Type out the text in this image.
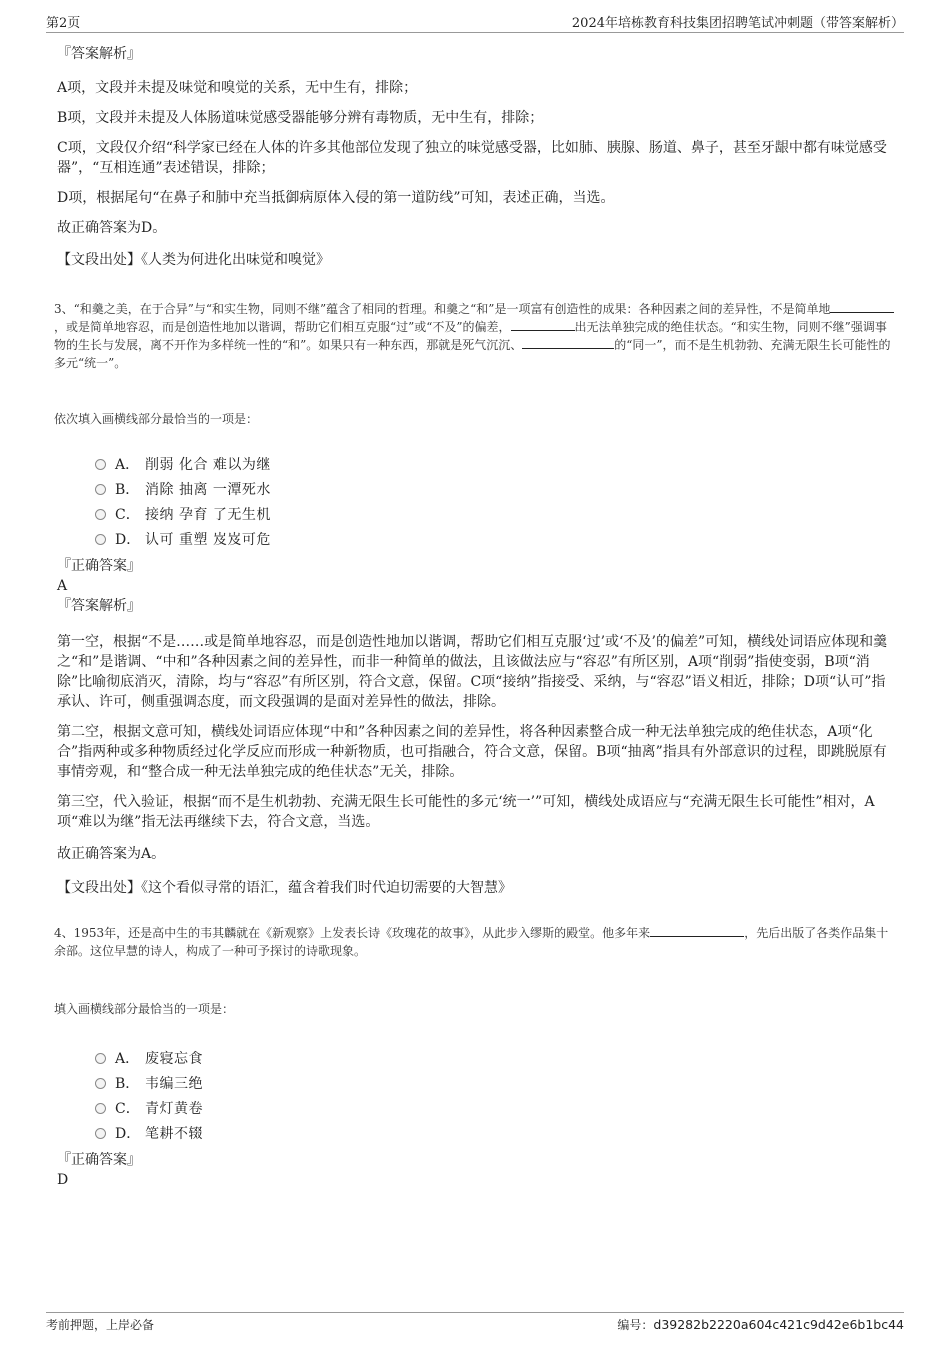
第2页	2024年培栋教育科技集团招聘笔试冲刺题（带答案解析）

『答案解析』

A项，文段并未提及味觉和嗅觉的关系，无中生有，排除；

B项，文段并未提及人体肠道味觉感受器能够分辨有毒物质，无中生有，排除；

C项，文段仅介绍“科学家已经在人体的许多其他部位发现了独立的味觉感受器，比如肺、胰腺、肠道、鼻子，甚至牙龈中都有味觉感受器”，“互相连通”表述错误，排除；

D项，根据尾句“在鼻子和肺中充当抵御病原体入侵的第一道防线”可知，表述正确，当选。

故正确答案为D。

【文段出处】《人类为何进化出味觉和嗅觉》

3、“和羹之美，在于合异”与“和实生物，同则不继”蕴含了相同的哲理。和羹之“和”是一项富有创造性的成果：各种因素之间的差异性，不是简单地，或是简单地容忍，而是创造性地加以谐调，帮助它们相互克服“过”或“不及”的偏差，	出无法单独完成的绝佳状态。“和实生物，同则不继”强调事物的生长与发展，离不开作为多样统一性的“和”。如果只有一种东西，那就是死气沉沉、	的“同一”，而不是生机勃勃、充满无限生长可能性的多元“统一”。

依次填入画横线部分最恰当的一项是：

A． 削弱 化合 难以为继
B． 消除 抽离 一潭死水
C． 接纳 孕育 了无生机
D． 认可 重塑 岌岌可危

『正确答案』

A

『答案解析』

第一空，根据“不是……或是简单地容忍，而是创造性地加以谐调，帮助它们相互克服‘过’或‘不及’的偏差”可知，横线处词语应体现和羹之“和”是谐调、“中和”各种因素之间的差异性，而非一种简单的做法，且该做法应与“容忍”有所区别，A项“削弱”指使变弱，B项“消除”比喻彻底消灭，清除，均与“容忍”有所区别，符合文意，保留。C项“接纳”指接受、采纳，与“容忍”语义相近，排除；D项“认可”指承认、许可，侧重强调态度，而文段强调的是面对差异性的做法，排除。

第二空，根据文意可知，横线处词语应体现“中和”各种因素之间的差异性，将各种因素整合成一种无法单独完成的绝佳状态，A项“化合”指两种或多种物质经过化学反应而形成一种新物质，也可指融合，符合文意，保留。B项“抽离”指具有外部意识的过程，即跳脱原有事情旁观，和“整合成一种无法单独完成的绝佳状态”无关，排除。

第三空，代入验证，根据“而不是生机勃勃、充满无限生长可能性的多元‘统一’”可知，横线处成语应与“充满无限生长可能性”相对，A项“难以为继”指无法再继续下去，符合文意，当选。

故正确答案为A。

【文段出处】《这个看似寻常的语汇，蕴含着我们时代迫切需要的大智慧》

4、1953年，还是高中生的韦其麟就在《新观察》上发表长诗《玫瑰花的故事》，从此步入缪斯的殿堂。他多年来	，先后出版了各类作品集十余部。这位早慧的诗人，构成了一种可予探讨的诗歌现象。

填入画横线部分最恰当的一项是：

A． 废寝忘食
B． 韦编三绝
C． 青灯黄卷
D． 笔耕不辍

『正确答案』

D

考前押题，上岸必备	编号：d39282b2220a604c421c9d42e6b1bc44
